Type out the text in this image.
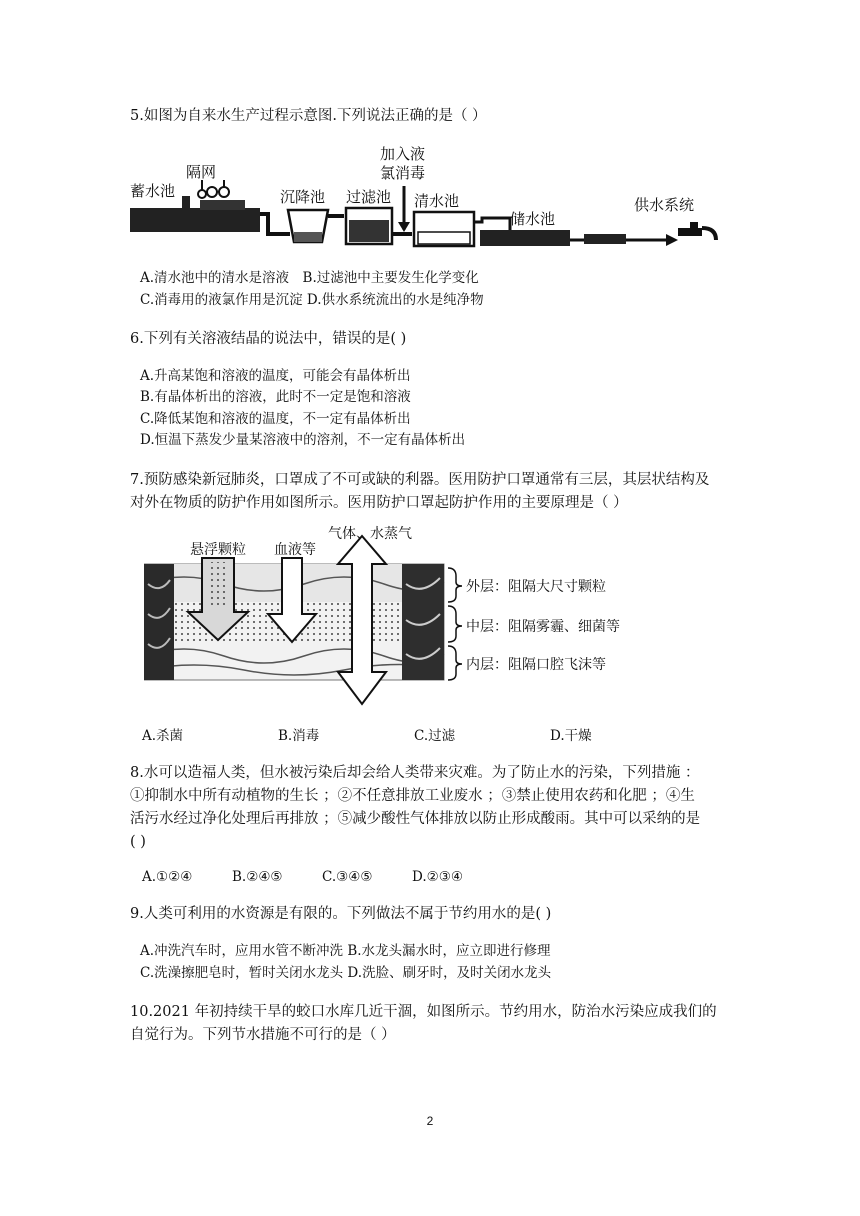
5.如图为自来水生产过程示意图.下列说法正确的是（ ）

蓄水池
隔网
沉降池 过滤池
加入液
氯消毒
清水池
储水池
供水系统
A.清水池中的清水是溶液　B.过滤池中主要发生化学变化
C.消毒用的液氯作用是沉淀 D.供水系统流出的水是纯净物

6.下列有关溶液结晶的说法中，错误的是( )

A.升高某饱和溶液的温度，可能会有晶体析出
B.有晶体析出的溶液，此时不一定是饱和溶液
C.降低某饱和溶液的温度，不一定有晶体析出
D.恒温下蒸发少量某溶液中的溶剂，不一定有晶体析出

7.预防感染新冠肺炎，口罩成了不可或缺的利器。医用防护口罩通常有三层，其层状结构及

对外在物质的防护作用如图所示。医用防护口罩起防护作用的主要原理是（ ）

悬浮颗粒 血液等
气体、水蒸气
外层：阻隔大尺寸颗粒
中层：阻隔雾霾、细菌等
内层：阻隔口腔飞沫等
A.杀菌	B.消毒	C.过滤	D.干燥

8.水可以造福人类，但水被污染后却会给人类带来灾难。为了防止水的污染，下列措施 ：

①抑制水中所有动植物的生长 ；②不任意排放工业废水 ；③禁止使用农药和化肥 ；④生

活污水经过净化处理后再排放 ；⑤减少酸性气体排放以防止形成酸雨。其中可以采纳的是

( )

A.①②④	B.②④⑤	C.③④⑤	D.②③④

9.人类可利用的水资源是有限的。下列做法不属于节约用水的是( )

A.冲洗汽车时，应用水管不断冲洗 B.水龙头漏水时，应立即进行修理
C.洗澡擦肥皂时，暂时关闭水龙头 D.洗脸、刷牙时，及时关闭水龙头

10.2021 年初持续干旱的蛟口水库几近干涸，如图所示。节约用水，防治水污染应成我们的

自觉行为。下列节水措施不可行的是（ ）

2
